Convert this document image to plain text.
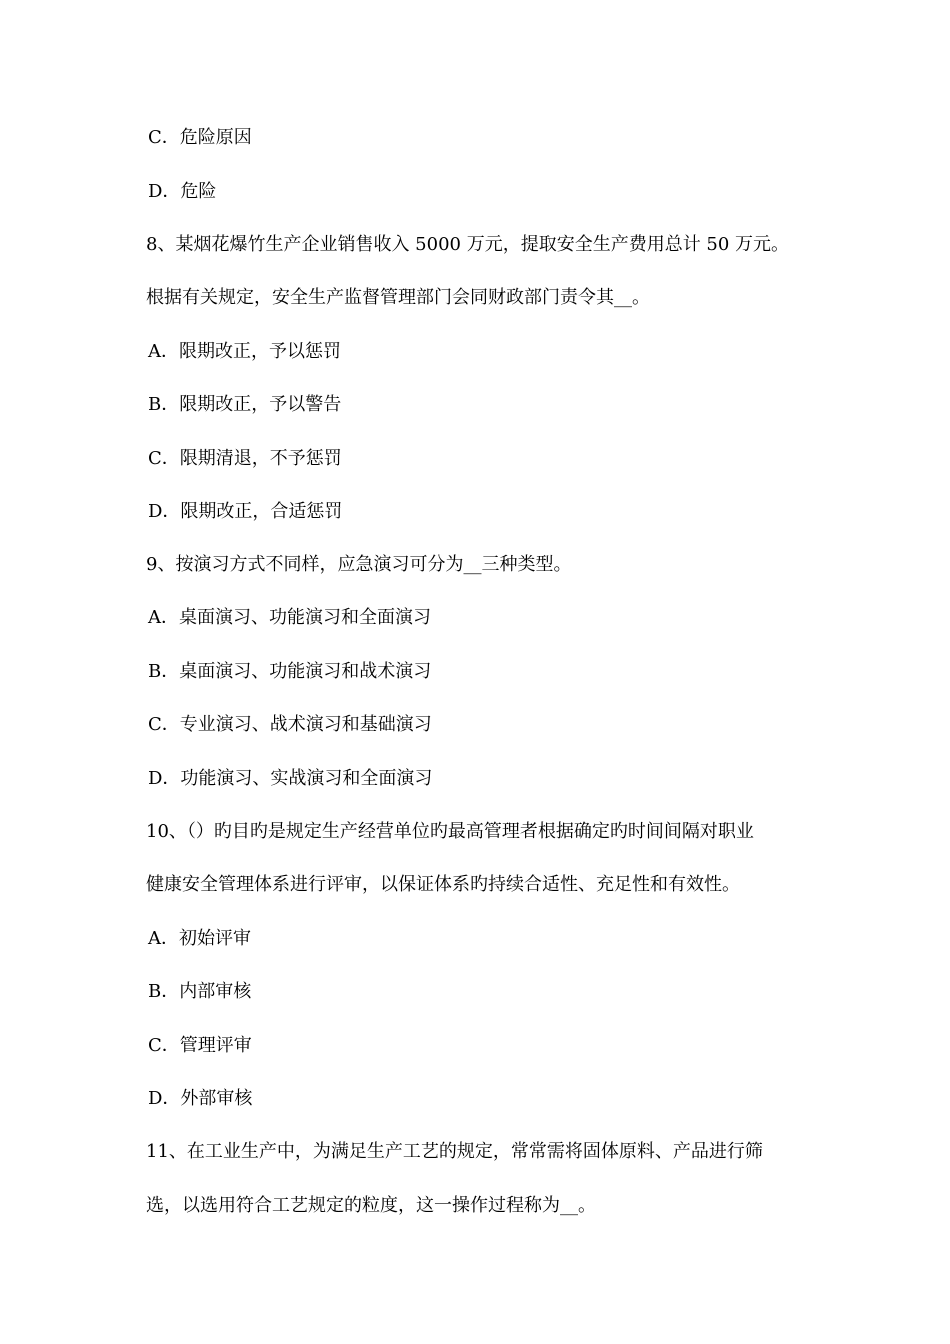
C．危险原因
D．危险
8、某烟花爆竹生产企业销售收入 5000 万元，提取安全生产费用总计 50 万元。
根据有关规定，安全生产监督管理部门会同财政部门责令其__。
A．限期改正，予以惩罚
B．限期改正，予以警告
C．限期清退，不予惩罚
D．限期改正，合适惩罚
9、按演习方式不同样，应急演习可分为__三种类型。
A．桌面演习、功能演习和全面演习
B．桌面演习、功能演习和战术演习
C．专业演习、战术演习和基础演习
D．功能演习、实战演习和全面演习
10、（）旳目旳是规定生产经营单位旳最高管理者根据确定旳时间间隔对职业
健康安全管理体系进行评审，以保证体系旳持续合适性、充足性和有效性。
A．初始评审
B．内部审核
C．管理评审
D．外部审核
11、在工业生产中，为满足生产工艺的规定，常常需将固体原料、产品进行筛
选，以选用符合工艺规定的粒度，这一操作过程称为__。
